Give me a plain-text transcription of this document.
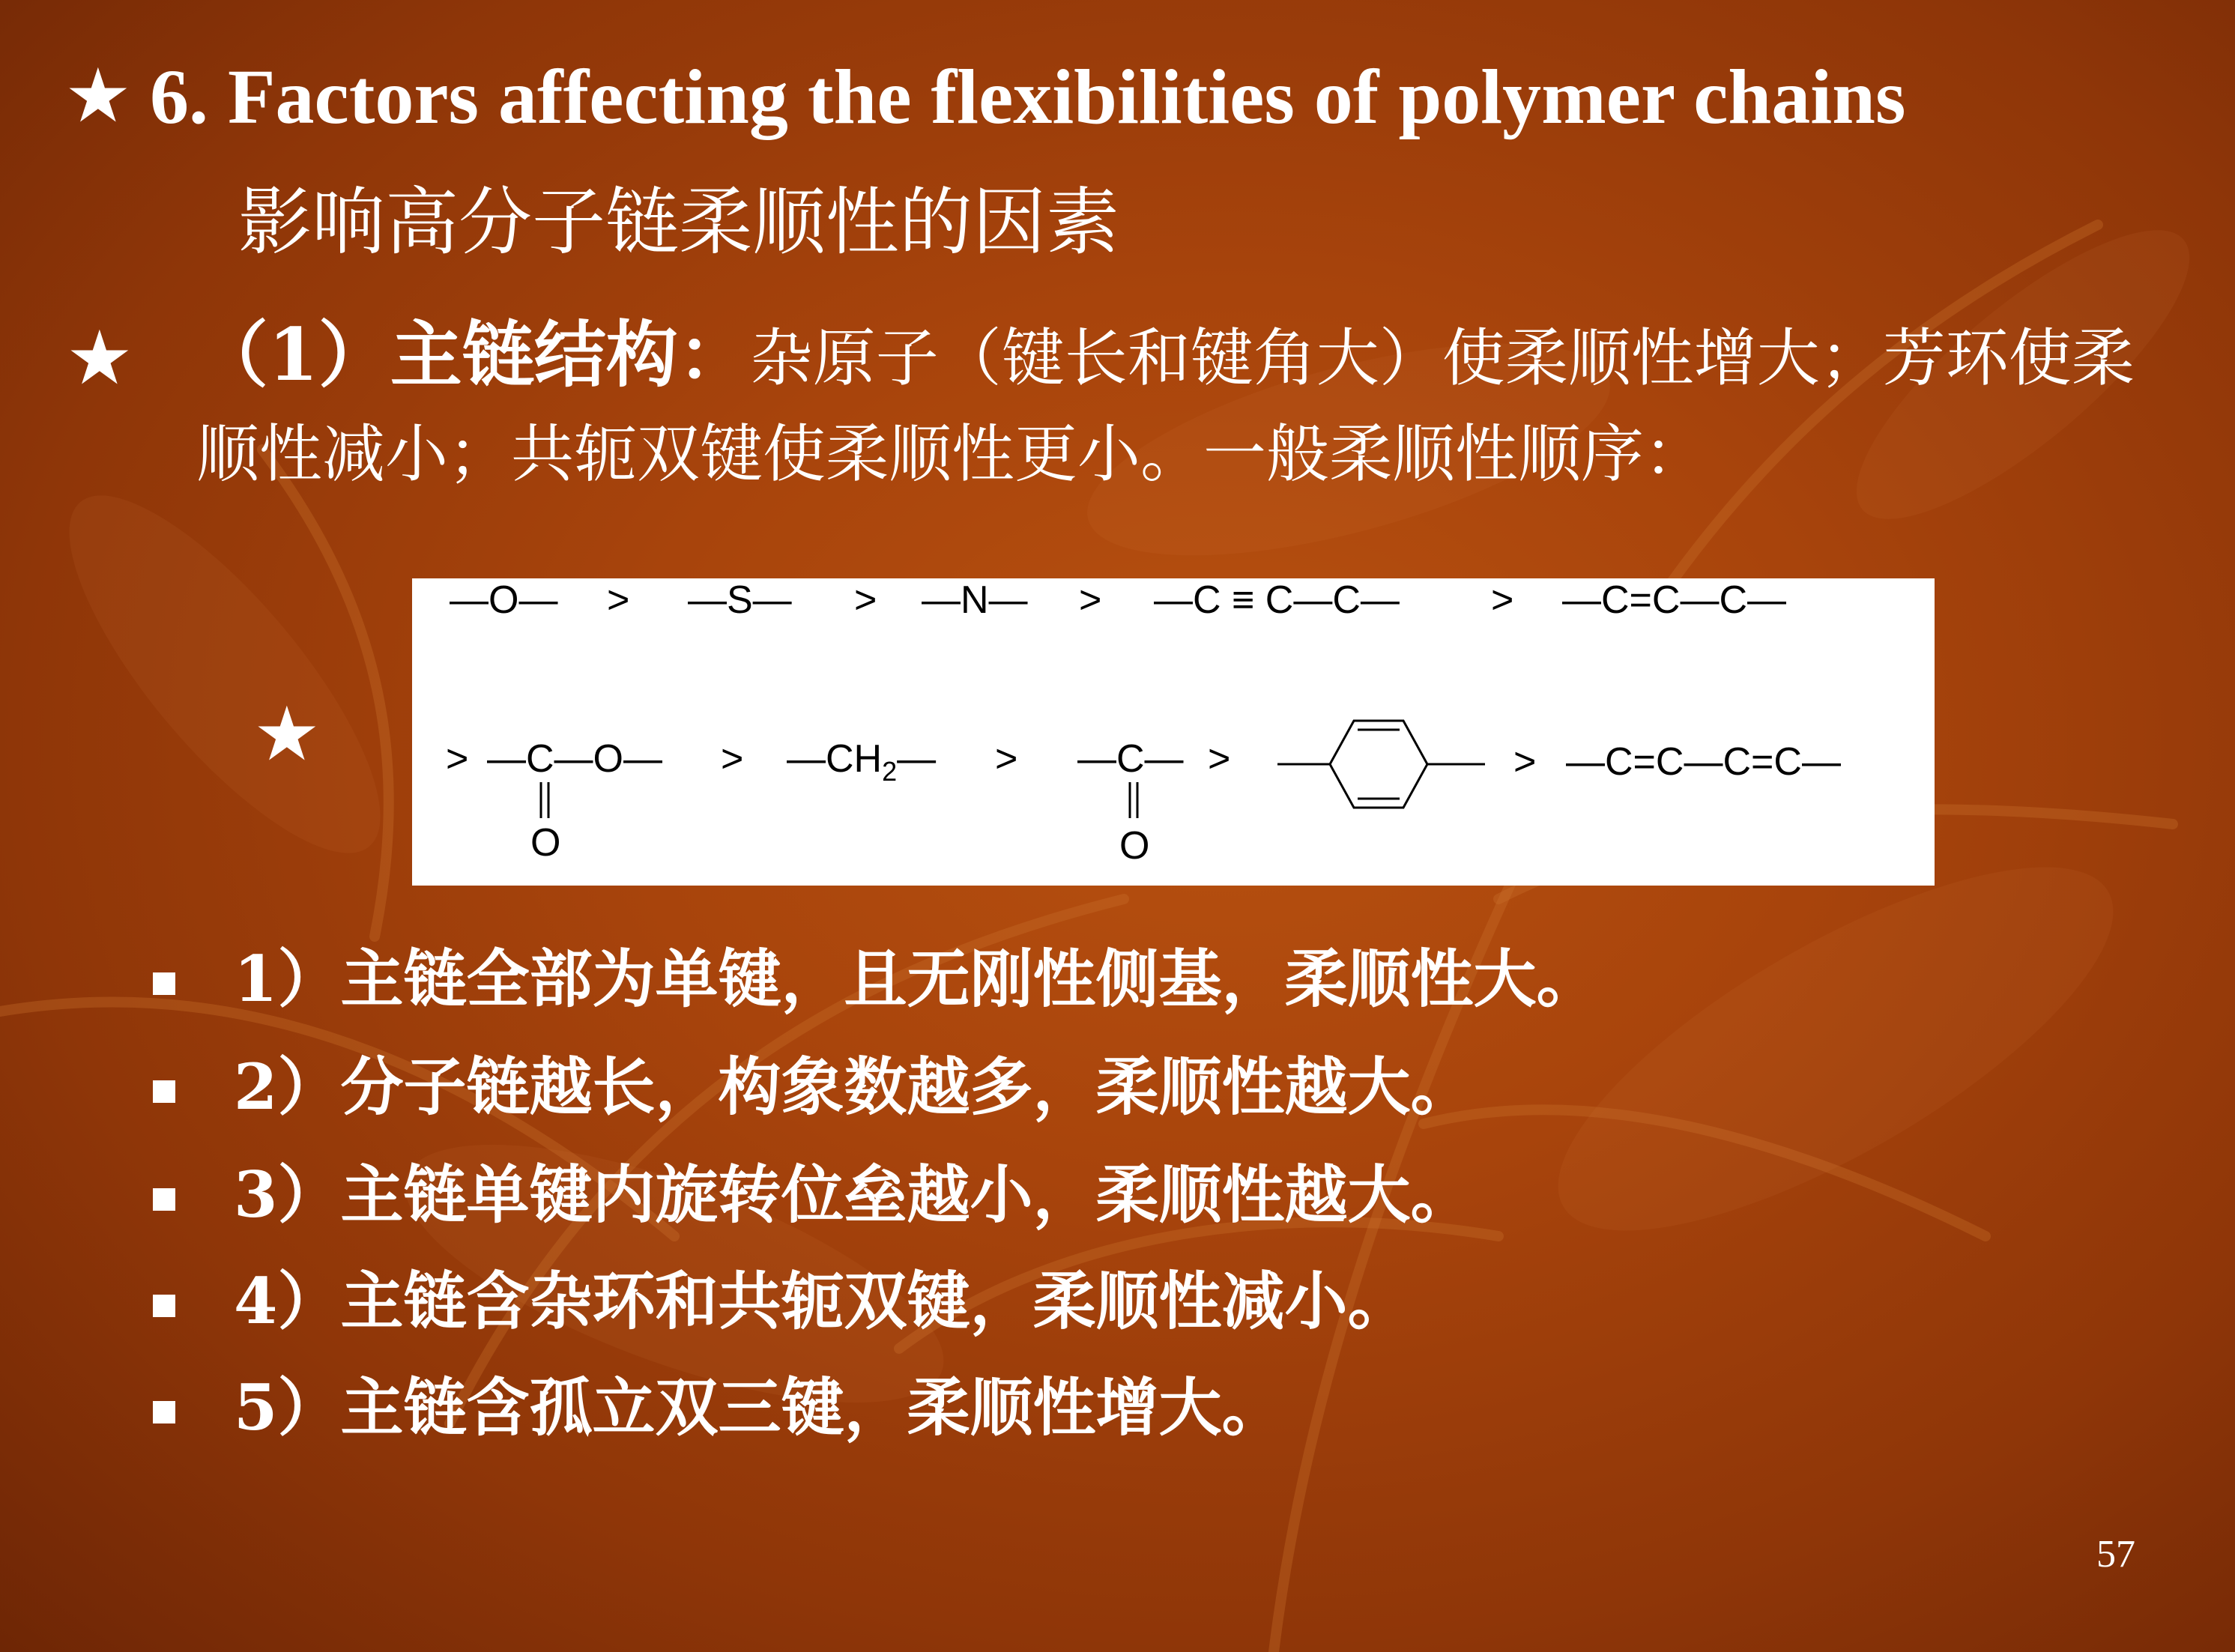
★ 6. Factors affecting the flexibilities of polymer chains
影响高分子链柔顺性的因素
★ （1）主链结构：杂原子（键长和键角大）使柔顺性增大；芳环使柔顺性减小；共轭双键使柔顺性更小。一般柔顺性顺序：

★
—O— > —S— > —N— > —C ≡ C—C— > —C=C—C—
> —C—O—
O
> $—CH_2—$ > —C—
O
>	> —C=C—C=C—
1）主链全部为单键，且无刚性侧基，柔顺性大。
2）分子链越长，构象数越多，柔顺性越大。
3）主链单键内旋转位垒越小，柔顺性越大。
4）主链含杂环和共轭双键，柔顺性减小。
5）主链含孤立双三键，柔顺性增大。
57
